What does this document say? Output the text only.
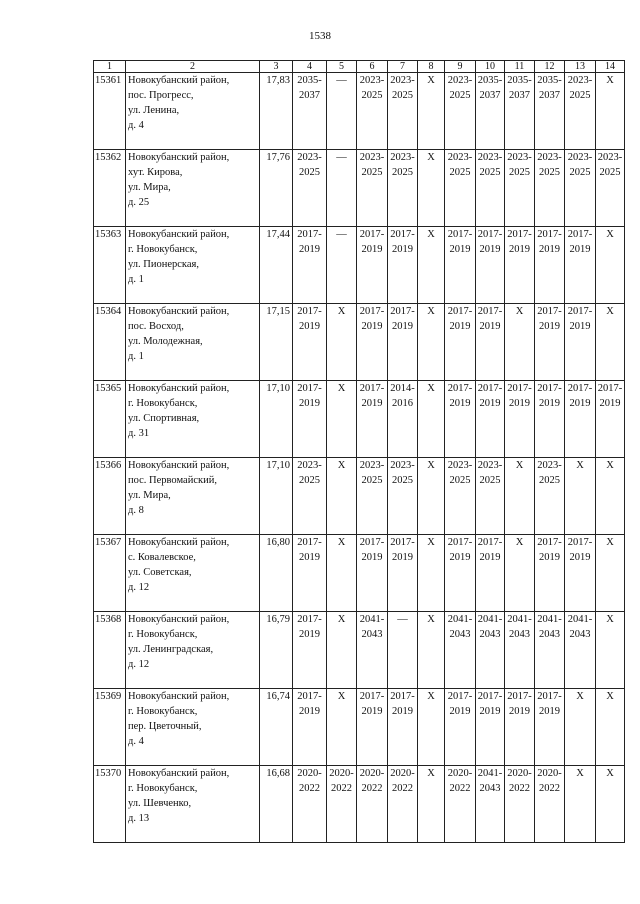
1538
1	2	3	4	5	6	7	8	9	10	11	12	13	14
15361	Новокубанский район,
пос. Прогресс,
ул. Ленина,
д. 4	17,83	2035-
2037	—	2023-
2025	2023-
2025	X	2023-
2025	2035-
2037	2035-
2037	2035-
2037	2023-
2025	X

15362	Новокубанский район,
хут. Кирова,
ул. Мира,
д. 25	17,76	2023-
2025	—	2023-
2025	2023-
2025	X	2023-
2025	2023-
2025	2023-
2025	2023-
2025	2023-
2025	2023-
2025

15363	Новокубанский район,
г. Новокубанск,
ул. Пионерская,
д. 1	17,44	2017-
2019	—	2017-
2019	2017-
2019	X	2017-
2019	2017-
2019	2017-
2019	2017-
2019	2017-
2019	X

15364	Новокубанский район,
пос. Восход,
ул. Молодежная,
д. 1	17,15	2017-
2019	X	2017-
2019	2017-
2019	X	2017-
2019	2017-
2019	X	2017-
2019	2017-
2019	X

15365	Новокубанский район,
г. Новокубанск,
ул. Спортивная,
д. 31	17,10	2017-
2019	X	2017-
2019	2014-
2016	X	2017-
2019	2017-
2019	2017-
2019	2017-
2019	2017-
2019	2017-
2019

15366	Новокубанский район,
пос. Первомайский,
ул. Мира,
д. 8	17,10	2023-
2025	X	2023-
2025	2023-
2025	X	2023-
2025	2023-
2025	X	2023-
2025	X	X

15367	Новокубанский район,
с. Ковалевское,
ул. Советская,
д. 12	16,80	2017-
2019	X	2017-
2019	2017-
2019	X	2017-
2019	2017-
2019	X	2017-
2019	2017-
2019	X

15368	Новокубанский район,
г. Новокубанск,
ул. Ленинградская,
д. 12	16,79	2017-
2019	X	2041-
2043	—	X	2041-
2043	2041-
2043	2041-
2043	2041-
2043	2041-
2043	X

15369	Новокубанский район,
г. Новокубанск,
пер. Цветочный,
д. 4	16,74	2017-
2019	X	2017-
2019	2017-
2019	X	2017-
2019	2017-
2019	2017-
2019	2017-
2019	X	X

15370	Новокубанский район,
г. Новокубанск,
ул. Шевченко,
д. 13	16,68	2020-
2022	2020-
2022	2020-
2022	2020-
2022	X	2020-
2022	2041-
2043	2020-
2022	2020-
2022	X	X
